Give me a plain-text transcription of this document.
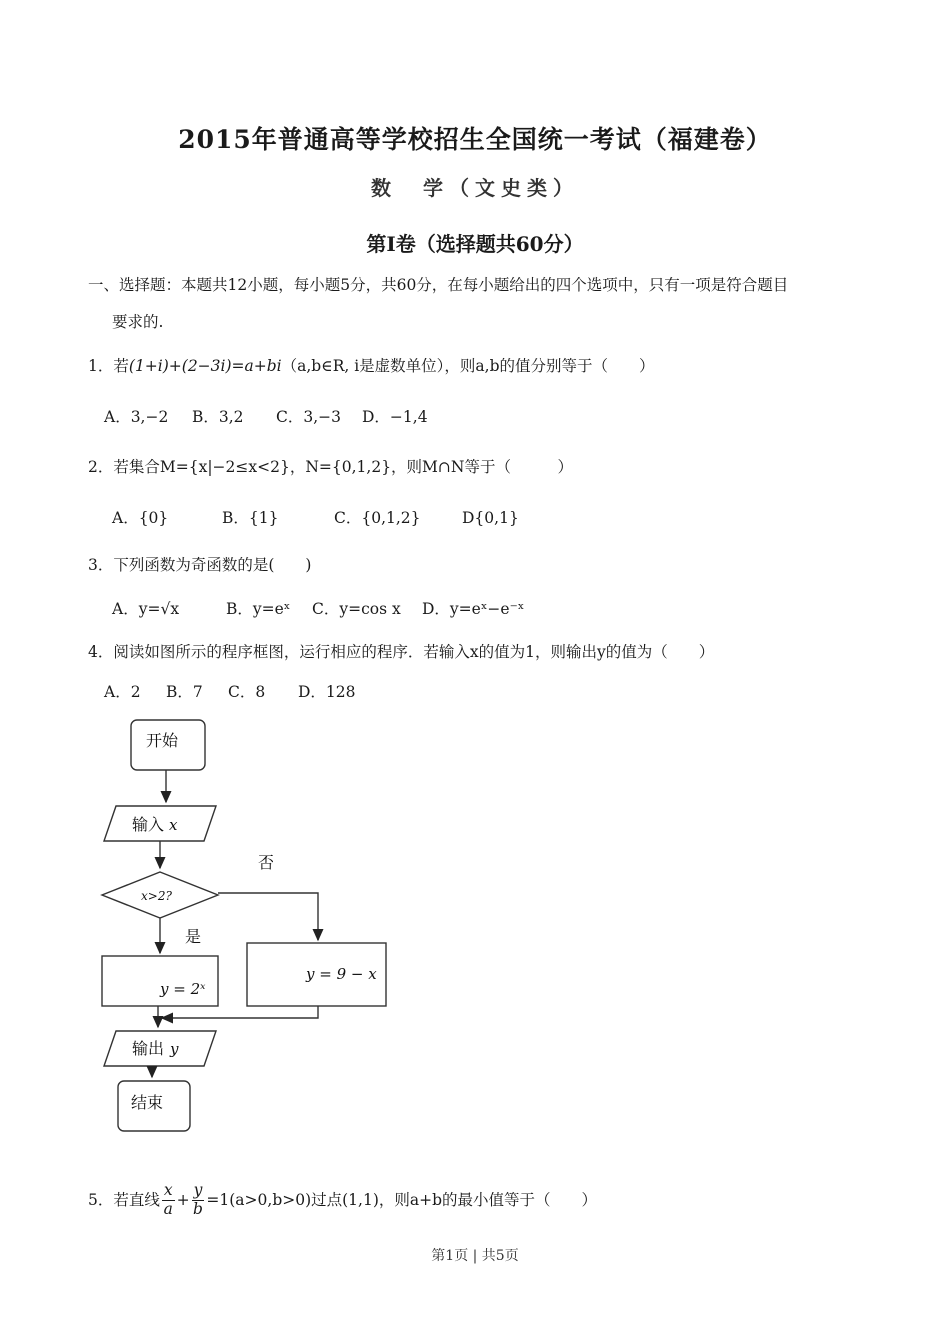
2015年普通高等学校招生全国统一考试（福建卷）
数　学（文史类）
第Ⅰ卷（选择题共60分）
一、选择题：本题共12小题，每小题5分，共60分，在每小题给出的四个选项中，只有一项是符合题目
要求的.
1．若(1+i)+(2−3i)=a+bi（a,b∈R, i是虚数单位），则a,b的值分别等于（　　）
A．3,−2 B．3,2 C．3,−3 D．−1,4
2．若集合M={x|−2≤x<2}，N={0,1,2}，则M∩N等于（　　　）
A．{0}	B．{1}	C．{0,1,2}	D{0,1}
3．下列函数为奇函数的是(　　)
A．y=√x	B．y=eˣ C．y=cos x D．y=eˣ−e⁻ˣ
4．阅读如图所示的程序框图，运行相应的程序．若输入x的值为1，则输出y的值为（　　）
A．2 B．7 C．8 D．128
开始
输入 x
x>2?
否
是
y = 2ˣ
y = 9 − x
输出 y
结束
5． 若直线 $\frac{x}{a} + \frac{y}{b} =1(a>0,b>0)$过点(1,1)，则a+b的最小值等于（　　）
第1页 | 共5页
